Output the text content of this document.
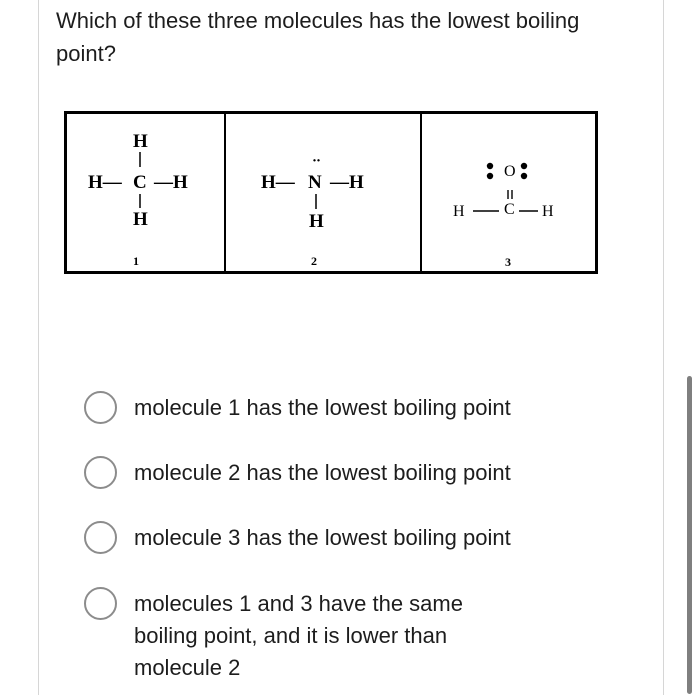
Which of these three molecules has the lowest boiling point?

H
H— C —H
H
1
··
H— N —H
H
2
O
H C H
3
molecule 1 has the lowest boiling point
molecule 2 has the lowest boiling point
molecule 3 has the lowest boiling point
molecules 1 and 3 have the same boiling point, and it is lower than molecule 2
